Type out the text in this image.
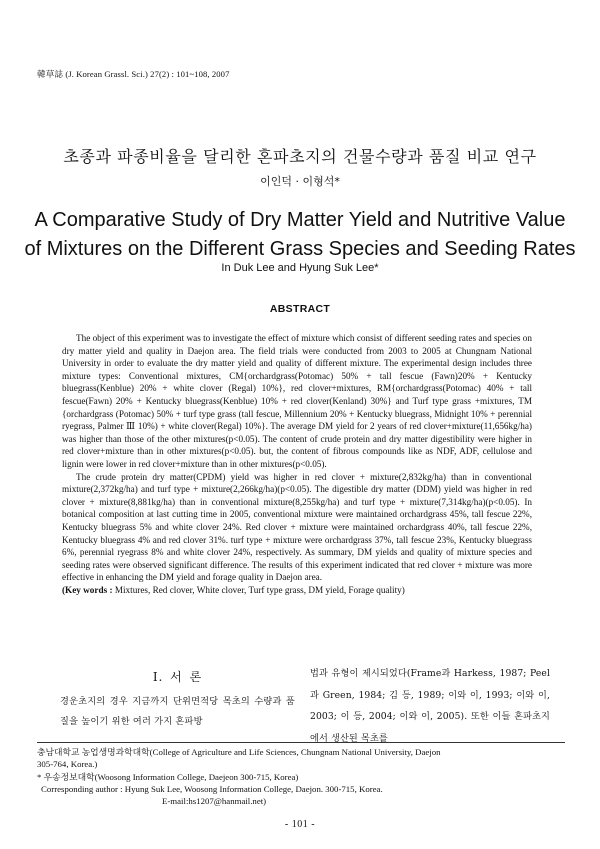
韓草誌 (J. Korean Grassl. Sci.) 27(2) : 101~108, 2007
초종과 파종비율을 달리한 혼파초지의 건물수량과 품질 비교 연구
이인덕 · 이형석*
A Comparative Study of Dry Matter Yield and Nutritive Value
of Mixtures on the Different Grass Species and Seeding Rates
In Duk Lee and Hyung Suk Lee*
ABSTRACT

The object of this experiment was to investigate the effect of mixture which consist of different seeding rates and species on dry matter yield and quality in Daejon area. The field trials were conducted from 2003 to 2005 at Chungnam National University in order to evaluate the dry matter yield and quality of different mixture. The experimental design includes three mixture types: Conventional mixtures, CM{orchardgrass(Potomac) 50% + tall fescue (Fawn)20% + Kentucky bluegrass(Kenblue) 20% + white clover (Regal) 10%}, red clover+mixtures, RM{orchardgrass(Potomac) 40% + tall fescue(Fawn) 20% + Kentucky bluegrass(Kenblue) 10% + red clover(Kenland) 30%} and Turf type grass +mixtures, TM {orchardgrass (Potomac) 50% + turf type grass (tall fescue, Millennium 20% + Kentucky bluegrass, Midnight 10% + perennial ryegrass, Palmer Ⅲ 10%) + white clover(Regal) 10%}. The average DM yield for 2 years of red clover+mixture(11,656kg/ha) was higher than those of the other mixtures(p<0.05). The content of crude protein and dry matter digestibility were higher in red clover+mixture than in other mixtures(p<0.05). but, the content of fibrous compounds like as NDF, ADF, cellulose and lignin were lower in red clover+mixture than in other mixtures(p<0.05).

The crude protein dry matter(CPDM) yield was higher in red clover + mixture(2,832kg/ha) than in conventional mixture(2,372kg/ha) and turf type + mixture(2,266kg/ha)(p<0.05). The digestible dry matter (DDM) yield was higher in red clover + mixture(8,881kg/ha) than in conventional mixture(8,255kg/ha) and turf type + mixture(7,314kg/ha)(p<0.05). In botanical composition at last cutting time in 2005, conventional mixture were maintained orchardgrass 45%, tall fescue 22%, Kentucky bluegrass 5% and white clover 24%. Red clover + mixture were maintained orchardgrass 40%, tall fescue 22%, Kentucky bluegrass 4% and red clover 31%. turf type + mixture were orchardgrass 37%, tall fescue 23%, Kentucky bluegrass 6%, perennial ryegrass 8% and white clover 24%, respectively. As summary, DM yields and quality of mixture species and seeding rates were observed significant difference. The results of this experiment indicated that red clover + mixture was more effective in enhancing the DM yield and forage quality in Daejon area.

(Key words : Mixtures, Red clover, White clover, Turf type grass, DM yield, Forage quality)
Ⅰ. 서 론

경운초지의 경우 지금까지 단위면적당 목초의 수량과 품질을 높이기 위한 여러 가지 혼파방

법과 유형이 제시되었다(Frame과 Harkess, 1987; Peel과 Green, 1984; 김 등, 1989; 이와 이, 1993; 이와 이, 2003; 이 등, 2004; 이와 이, 2005). 또한 이들 혼파초지에서 생산된 목초를

충남대학교 농업생명과학대학(College of Agriculture and Life Sciences, Chungnam National University, Daejon
305-764, Korea.)
* 우송정보대학(Woosong Information College, Daejeon 300-715, Korea)
Corresponding author : Hyung Suk Lee, Woosong Information College, Daejon. 300-715, Korea.
E-mail:hs1207@hanmail.net)
- 101 -
